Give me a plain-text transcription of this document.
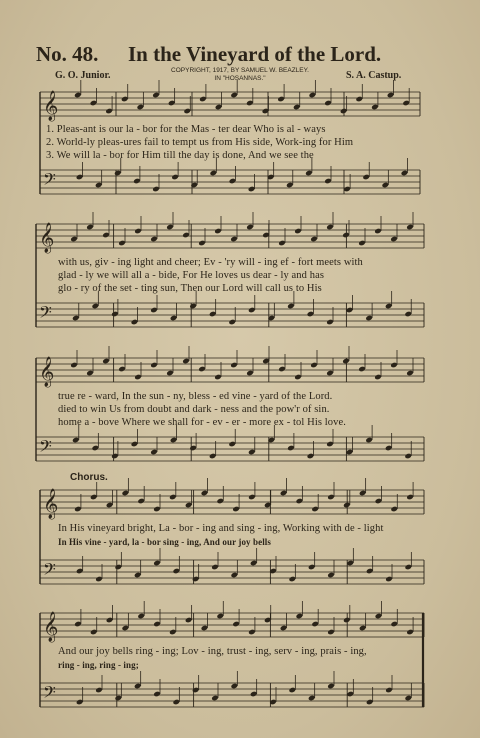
No. 48. In the Vineyard of the Lord.
COPYRIGHT, 1917, BY SAMUEL W. BEAZLEY.
IN "HOSANNAS."
G. O. Junior.	S. A. Castup.
𝄞
𝄢
𝄞
𝄢
𝄞
𝄢
𝄞
𝄢
𝄞
𝄢
1. Pleas-ant is our la - bor for the Mas - ter dear Who is al - ways
2. World-ly pleas-ures fail to tempt us from His side, Work-ing for Him
3. We will la - bor for Him till the day is done, And we see the
with us, giv - ing light and cheer; Ev - 'ry will - ing ef - fort meets with
glad - ly we will all a - bide, For He loves us dear - ly and has
glo - ry of the set - ting sun, Then our Lord will call us to His
true re - ward, In the sun - ny, bless - ed vine - yard of the Lord.
died to win Us from doubt and dark - ness and the pow'r of sin.
home a - bove Where we shall for - ev - er - more ex - tol His love.
Chorus.
In His vineyard bright, La - bor - ing and sing - ing, Working with de - light
In His vine - yard, la - bor sing - ing, And our joy bells
And our joy bells ring - ing; Lov - ing, trust - ing, serv - ing, prais - ing,
ring - ing, ring - ing;
